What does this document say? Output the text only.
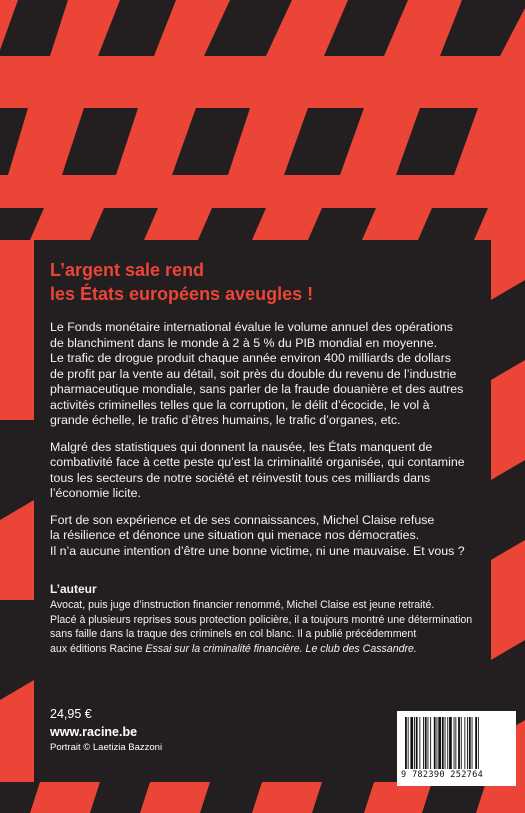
L’argent sale rend
les États européens aveugles !

Le Fonds monétaire international évalue le volume annuel des opérations
de blanchiment dans le monde à 2 à 5 % du PIB mondial en moyenne.
Le trafic de drogue produit chaque année environ 400 milliards de dollars
de profit par la vente au détail, soit près du double du revenu de l’industrie
pharmaceutique mondiale, sans parler de la fraude douanière et des autres
activités criminelles telles que la corruption, le délit d’écocide, le vol à
grande échelle, le trafic d’êtres humains, le trafic d’organes, etc.

Malgré des statistiques qui donnent la nausée, les États manquent de
combativité face à cette peste qu’est la criminalité organisée, qui contamine
tous les secteurs de notre société et réinvestit tous ces milliards dans
l’économie licite.

Fort de son expérience et de ses connaissances, Michel Claise refuse
la résilience et dénonce une situation qui menace nos démocraties.
Il n’a aucune intention d’être une bonne victime, ni une mauvaise. Et vous ?

L’auteur

Avocat, puis juge d’instruction financier renommé, Michel Claise est jeune retraité.
Placé à plusieurs reprises sous protection policière, il a toujours montré une détermination
sans faille dans la traque des criminels en col blanc. Il a publié précédemment
aux éditions Racine Essai sur la criminalité financière. Le club des Cassandre.

24,95 €
www.racine.be
Portrait © Laetizia Bazzoni
9 782390 252764
